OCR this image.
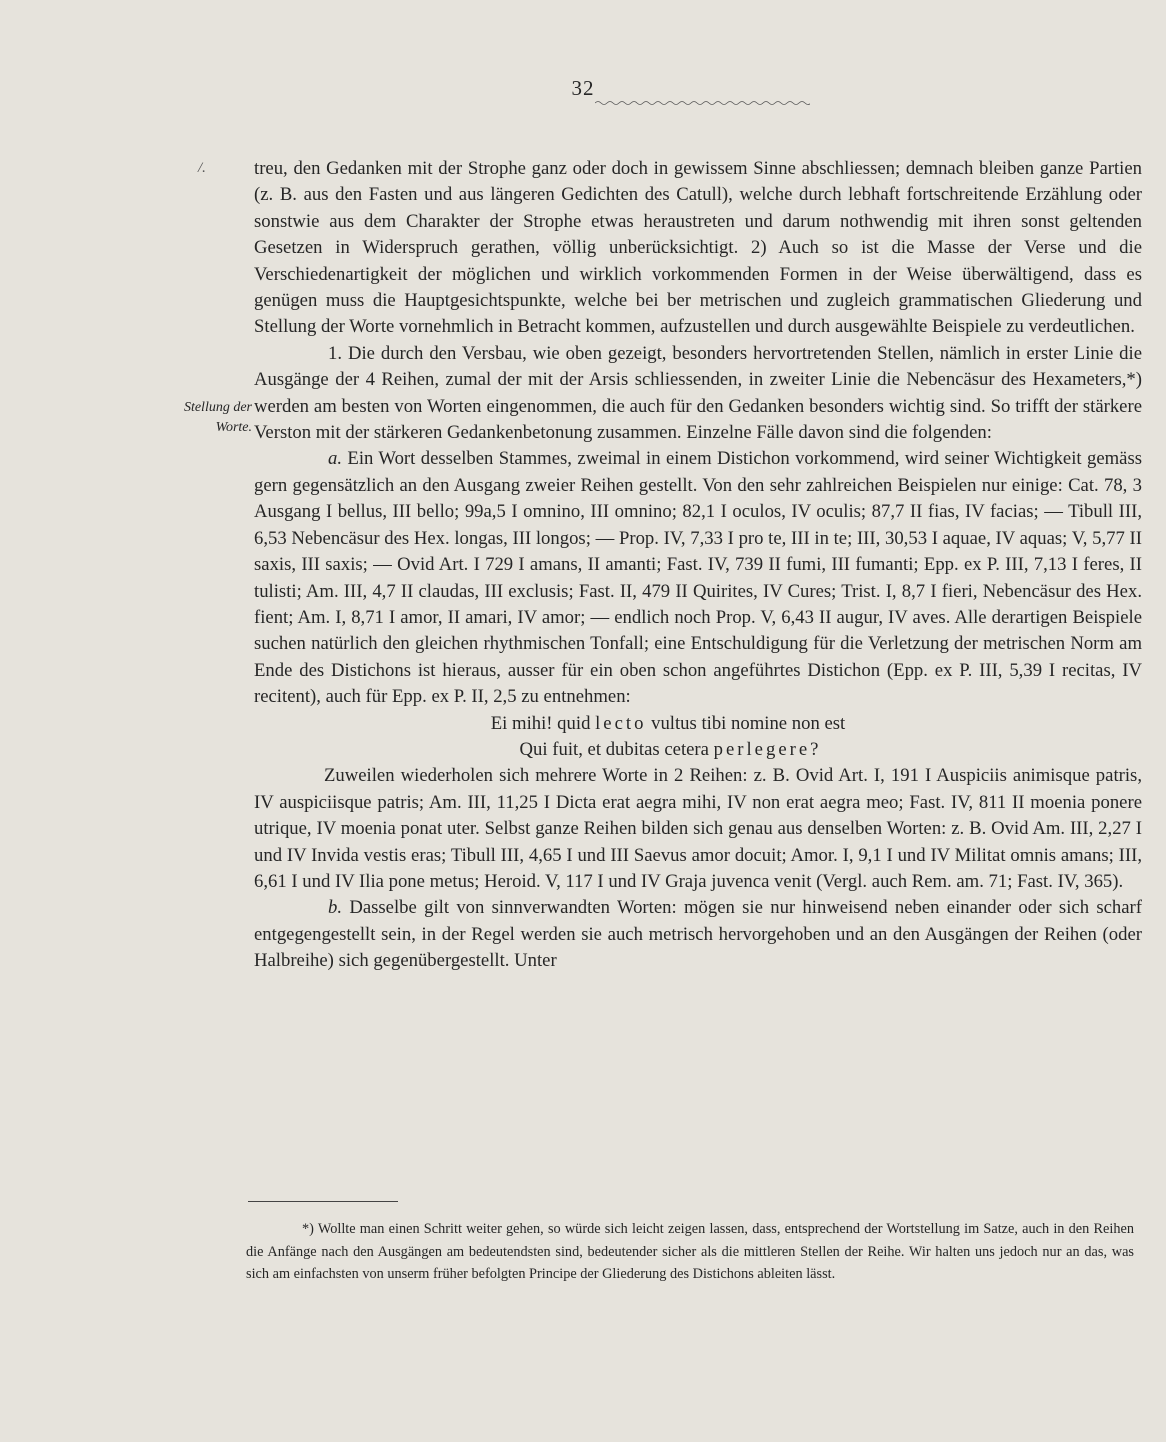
32
/.
Stellung der
Worte.

treu, den Gedanken mit der Strophe ganz oder doch in gewissem Sinne abschliessen; demnach bleiben ganze Partien (z. B. aus den Fasten und aus längeren Gedichten des Catull), welche durch lebhaft fortschreitende Erzählung oder sonstwie aus dem Charakter der Strophe etwas heraustreten und darum nothwendig mit ihren sonst geltenden Gesetzen in Widerspruch gerathen, völlig unberücksichtigt. 2) Auch so ist die Masse der Verse und die Verschiedenartigkeit der möglichen und wirklich vorkommenden Formen in der Weise überwältigend, dass es genügen muss die Hauptgesichtspunkte, welche bei ber metrischen und zugleich grammatischen Gliederung und Stellung der Worte vornehmlich in Betracht kommen, aufzustellen und durch ausgewählte Beispiele zu verdeutlichen.

1. Die durch den Versbau, wie oben gezeigt, besonders hervortretenden Stellen, nämlich in erster Linie die Ausgänge der 4 Reihen, zumal der mit der Arsis schliessenden, in zweiter Linie die Nebencäsur des Hexameters,*) werden am besten von Worten eingenommen, die auch für den Gedanken besonders wichtig sind. So trifft der stärkere Verston mit der stärkeren Gedankenbetonung zusammen. Einzelne Fälle davon sind die folgenden:

a. Ein Wort desselben Stammes, zweimal in einem Distichon vorkommend, wird seiner Wichtigkeit gemäss gern gegensätzlich an den Ausgang zweier Reihen gestellt. Von den sehr zahlreichen Beispielen nur einige: Cat. 78, 3 Ausgang I bellus, III bello; 99a,5 I omnino, III omnino; 82,1 I oculos, IV oculis; 87,7 II fias, IV facias; — Tibull III, 6,53 Nebencäsur des Hex. longas, III longos; — Prop. IV, 7,33 I pro te, III in te; III, 30,53 I aquae, IV aquas; V, 5,77 II saxis, III saxis; — Ovid Art. I 729 I amans, II amanti; Fast. IV, 739 II fumi, III fumanti; Epp. ex P. III, 7,13 I feres, II tulisti; Am. III, 4,7 II claudas, III exclusis; Fast. II, 479 II Quirites, IV Cures; Trist. I, 8,7 I fieri, Nebencäsur des Hex. fient; Am. I, 8,71 I amor, II amari, IV amor; — endlich noch Prop. V, 6,43 II augur, IV aves. Alle derartigen Beispiele suchen natürlich den gleichen rhythmischen Tonfall; eine Entschuldigung für die Verletzung der metrischen Norm am Ende des Distichons ist hieraus, ausser für ein oben schon angeführtes Distichon (Epp. ex P. III, 5,39 I recitas, IV recitent), auch für Epp. ex P. II, 2,5 zu entnehmen:

Ei mihi! quid lecto vultus tibi nomine non est
Qui fuit, et dubitas cetera perlegere?

Zuweilen wiederholen sich mehrere Worte in 2 Reihen: z. B. Ovid Art. I, 191 I Auspiciis animisque patris, IV auspiciisque patris; Am. III, 11,25 I Dicta erat aegra mihi, IV non erat aegra meo; Fast. IV, 811 II moenia ponere utrique, IV moenia ponat uter. Selbst ganze Reihen bilden sich genau aus denselben Worten: z. B. Ovid Am. III, 2,27 I und IV Invida vestis eras; Tibull III, 4,65 I und III Saevus amor docuit; Amor. I, 9,1 I und IV Militat omnis amans; III, 6,61 I und IV Ilia pone metus; Heroid. V, 117 I und IV Graja juvenca venit (Vergl. auch Rem. am. 71; Fast. IV, 365).

b. Dasselbe gilt von sinnverwandten Worten: mögen sie nur hinweisend neben einander oder sich scharf entgegengestellt sein, in der Regel werden sie auch metrisch hervorgehoben und an den Ausgängen der Reihen (oder Halbreihe) sich gegenübergestellt. Unter

*) Wollte man einen Schritt weiter gehen, so würde sich leicht zeigen lassen, dass, entsprechend der Wortstellung im Satze, auch in den Reihen die Anfänge nach den Ausgängen am bedeutendsten sind, bedeutender sicher als die mittleren Stellen der Reihe. Wir halten uns jedoch nur an das, was sich am einfachsten von unserm früher befolgten Principe der Gliederung des Distichons ableiten lässt.
